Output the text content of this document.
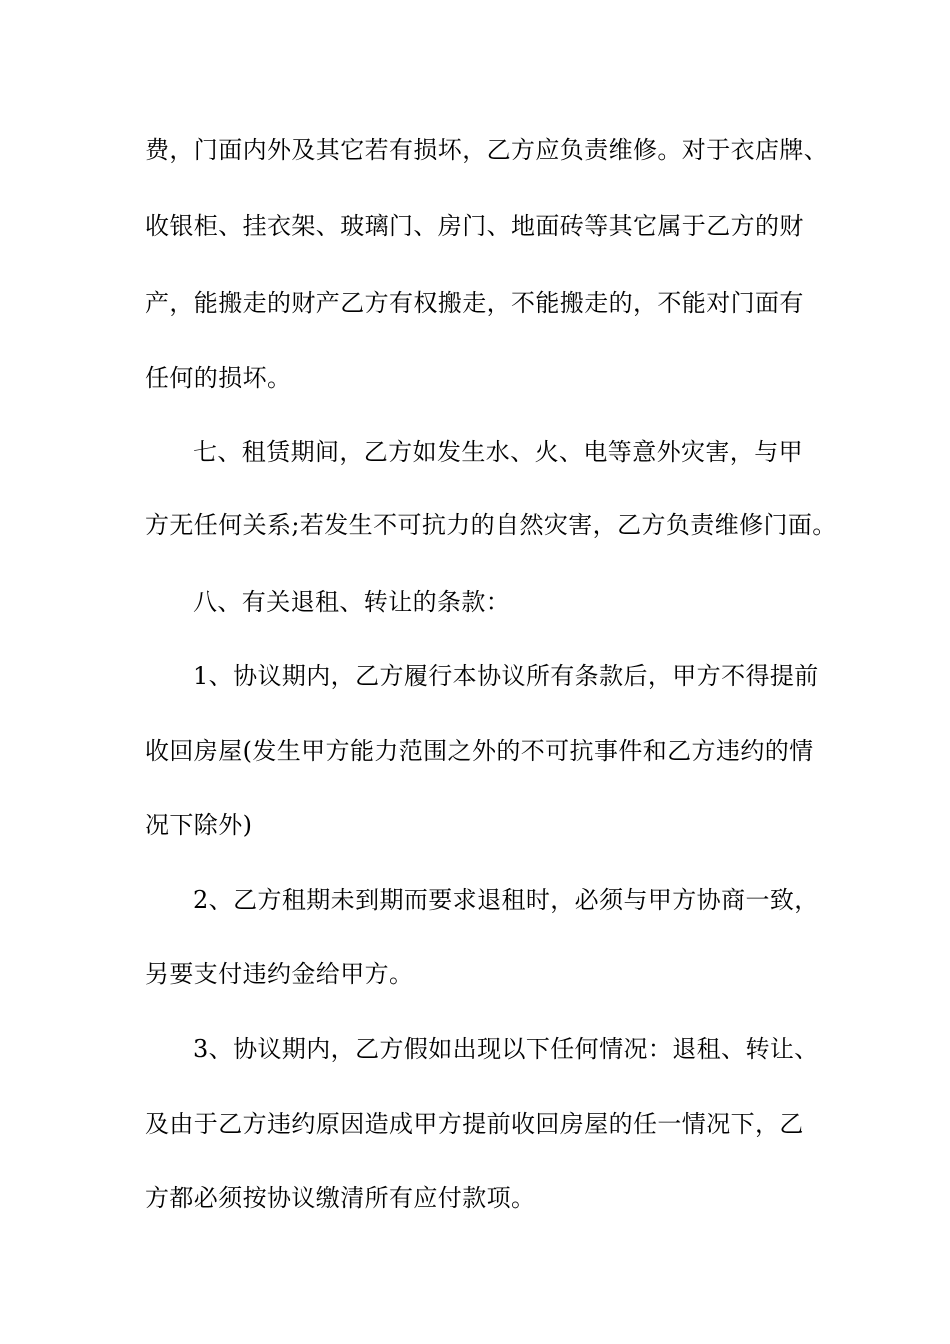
费，门面内外及其它若有损坏，乙方应负责维修。对于衣店牌、
收银柜、挂衣架、玻璃门、房门、地面砖等其它属于乙方的财
产，能搬走的财产乙方有权搬走，不能搬走的，不能对门面有
任何的损坏。
七、租赁期间，乙方如发生水、火、电等意外灾害，与甲
方无任何关系;若发生不可抗力的自然灾害，乙方负责维修门面。
八、有关退租、转让的条款：
1、协议期内，乙方履行本协议所有条款后，甲方不得提前
收回房屋(发生甲方能力范围之外的不可抗事件和乙方违约的情
况下除外)
2、乙方租期未到期而要求退租时，必须与甲方协商一致，
另要支付违约金给甲方。
3、协议期内，乙方假如出现以下任何情况：退租、转让、
及由于乙方违约原因造成甲方提前收回房屋的任一情况下，乙
方都必须按协议缴清所有应付款项。
